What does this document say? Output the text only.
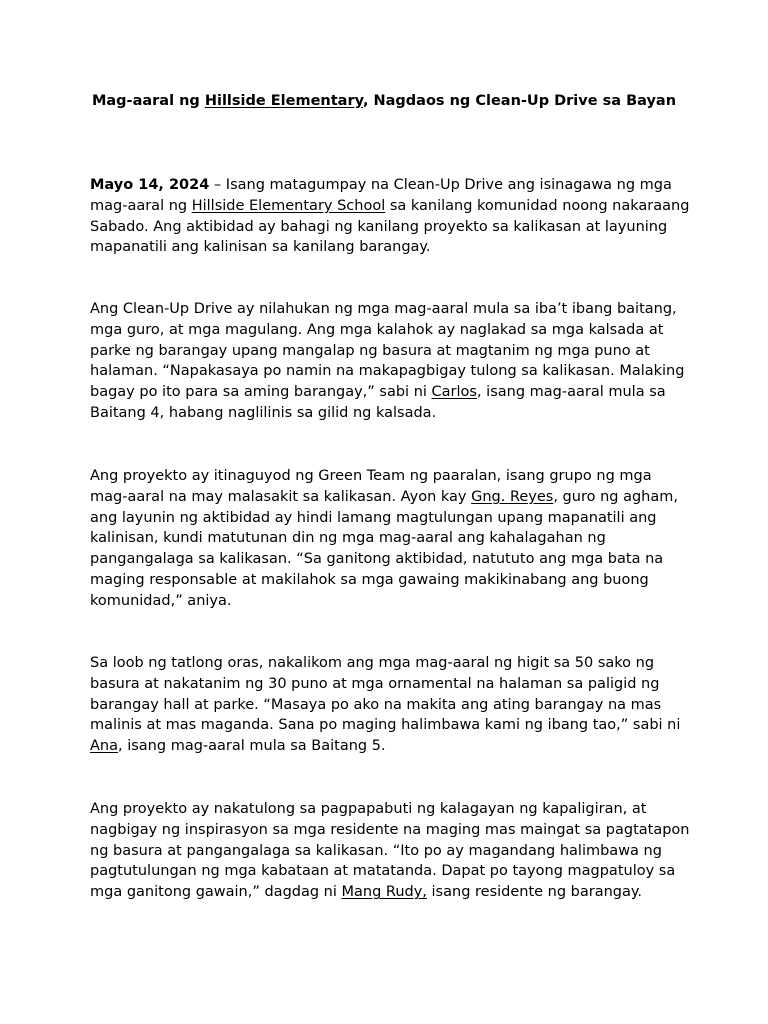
Mag-aaral ng Hillside Elementary, Nagdaos ng Clean-Up Drive sa Bayan

Mayo 14, 2024 – Isang matagumpay na Clean-Up Drive ang isinagawa ng mga mag-aaral ng Hillside Elementary School sa kanilang komunidad noong nakaraang Sabado. Ang aktibidad ay bahagi ng kanilang proyekto sa kalikasan at layuning mapanatili ang kalinisan sa kanilang barangay.

Ang Clean-Up Drive ay nilahukan ng mga mag-aaral mula sa iba’t ibang baitang, mga guro, at mga magulang. Ang mga kalahok ay naglakad sa mga kalsada at parke ng barangay upang mangalap ng basura at magtanim ng mga puno at halaman. “Napakasaya po namin na makapagbigay tulong sa kalikasan. Malaking bagay po ito para sa aming barangay,” sabi ni Carlos, isang mag-aaral mula sa Baitang 4, habang naglilinis sa gilid ng kalsada.

Ang proyekto ay itinaguyod ng Green Team ng paaralan, isang grupo ng mga mag-aaral na may malasakit sa kalikasan. Ayon kay Gng. Reyes, guro ng agham, ang layunin ng aktibidad ay hindi lamang magtulungan upang mapanatili ang kalinisan, kundi matutunan din ng mga mag-aaral ang kahalagahan ng pangangalaga sa kalikasan. “Sa ganitong aktibidad, natututo ang mga bata na maging responsable at makilahok sa mga gawaing makikinabang ang buong komunidad,” aniya.

Sa loob ng tatlong oras, nakalikom ang mga mag-aaral ng higit sa 50 sako ng basura at nakatanim ng 30 puno at mga ornamental na halaman sa paligid ng barangay hall at parke. “Masaya po ako na makita ang ating barangay na mas malinis at mas maganda. Sana po maging halimbawa kami ng ibang tao,” sabi ni Ana, isang mag-aaral mula sa Baitang 5.

Ang proyekto ay nakatulong sa pagpapabuti ng kalagayan ng kapaligiran, at nagbigay ng inspirasyon sa mga residente na maging mas maingat sa pagtatapon ng basura at pangangalaga sa kalikasan. “Ito po ay magandang halimbawa ng pagtutulungan ng mga kabataan at matatanda. Dapat po tayong magpatuloy sa mga ganitong gawain,” dagdag ni Mang Rudy, isang residente ng barangay.
